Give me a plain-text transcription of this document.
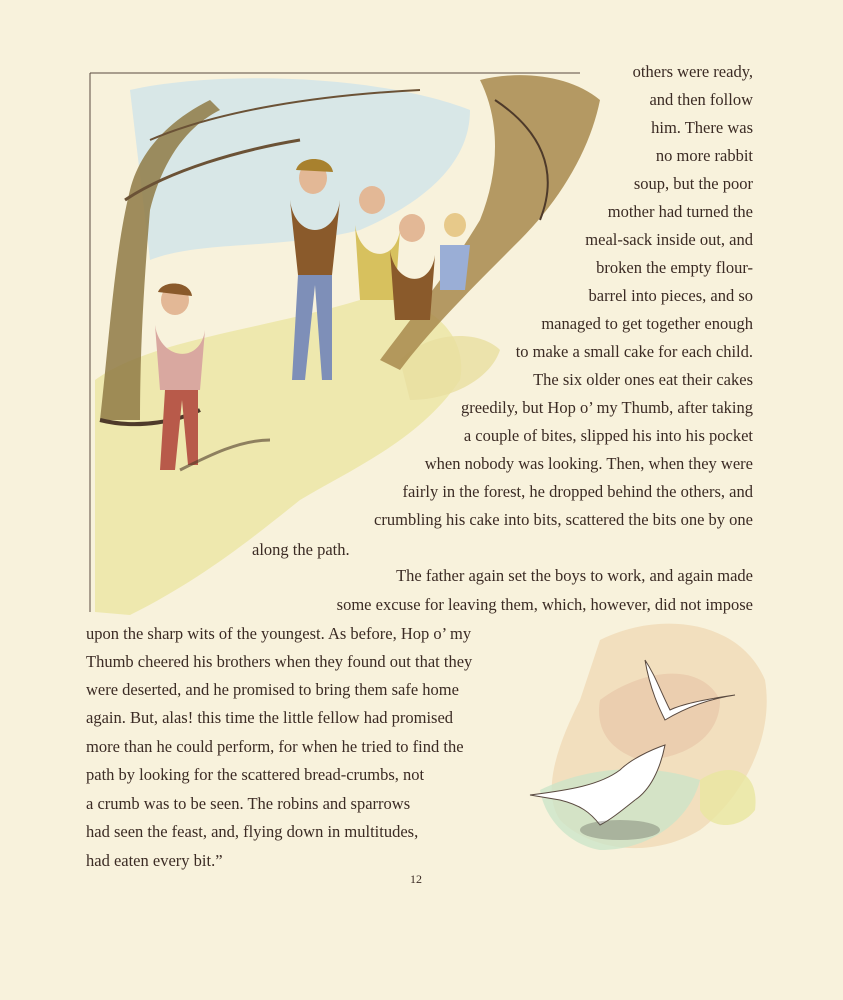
others were ready,
and then follow
him. There was
no more rabbit
soup, but the poor
mother had turned the
meal-sack inside out, and
broken the empty flour-
barrel into pieces, and so
managed to get together enough
to make a small cake for each child.
The six older ones eat their cakes
greedily, but Hop o’ my Thumb, after taking
a couple of bites, slipped his into his pocket
when nobody was looking. Then, when they were
fairly in the forest, he dropped behind the others, and
crumbling his cake into bits, scattered the bits one by one
along the path.
The father again set the boys to work, and again made
some excuse for leaving them, which, however, did not impose
upon the sharp wits of the youngest. As before, Hop o’ my
Thumb cheered his brothers when they found out that they
were deserted, and he promised to bring them safe home
again. But, alas! this time the little fellow had promised
more than he could perform, for when he tried to find the
path by looking for the scattered bread-crumbs, not
a crumb was to be seen. The robins and sparrows
had seen the feast, and, flying down in multitudes,
had eaten every bit.”
12
